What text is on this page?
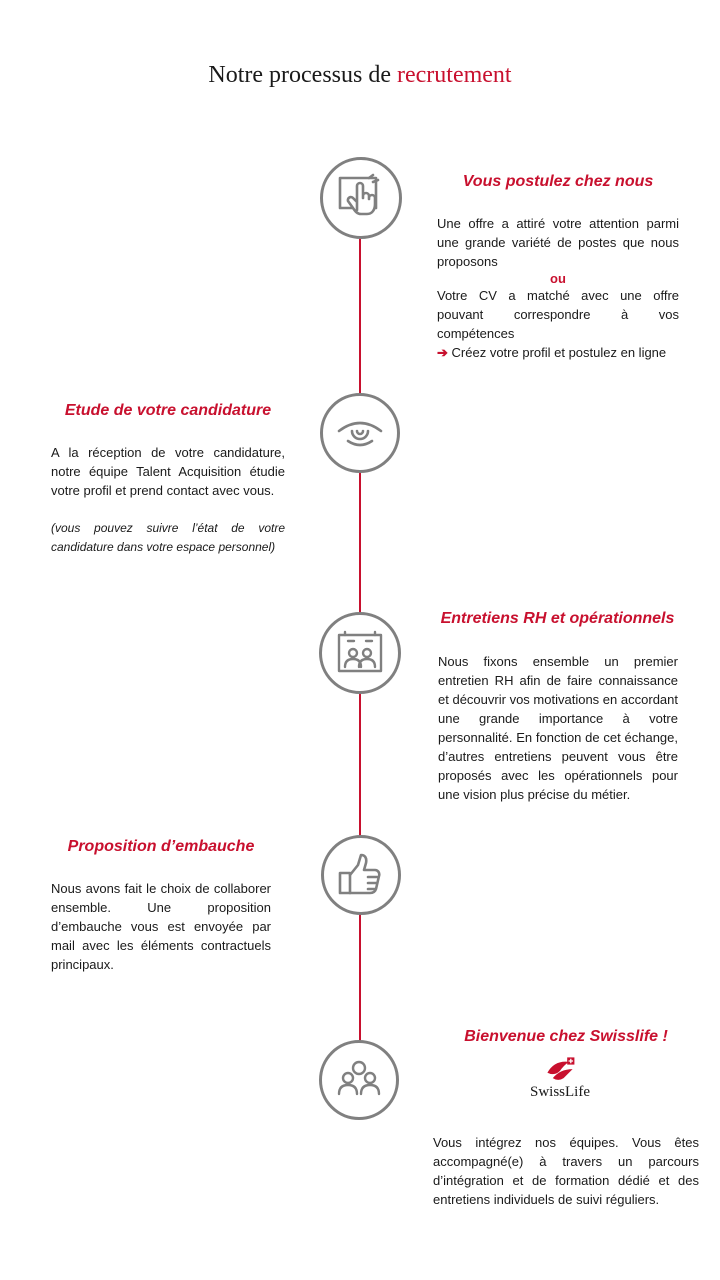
Notre processus de recrutement
Vous postulez chez nous

Une offre a attiré votre attention parmi une grande variété de postes que nous proposons

ou

Votre CV a matché avec une offre pouvant correspondre à vos compétences

➔ Créez votre profil et postulez en ligne

Etude de votre candidature

A la réception de votre candidature, notre équipe Talent Acquisition étudie votre profil et prend contact avec vous.

(vous pouvez suivre l’état de votre candidature dans votre espace personnel)

Entretiens RH et opérationnels

Nous fixons ensemble un premier entretien RH afin de faire connaissance et découvrir vos motivations en accordant une grande importance à votre personnalité. En fonction de cet échange, d’autres entretiens peuvent vous être proposés avec les opérationnels pour une vision plus précise du métier.

Proposition d’embauche

Nous avons fait le choix de collaborer ensemble. Une proposition d’embauche vous est envoyée par mail avec les éléments contractuels principaux.

Bienvenue chez Swisslife !
SwissLife

Vous intégrez nos équipes. Vous êtes accompagné(e) à travers un parcours d’intégration et de formation dédié et des entretiens individuels de suivi réguliers.
